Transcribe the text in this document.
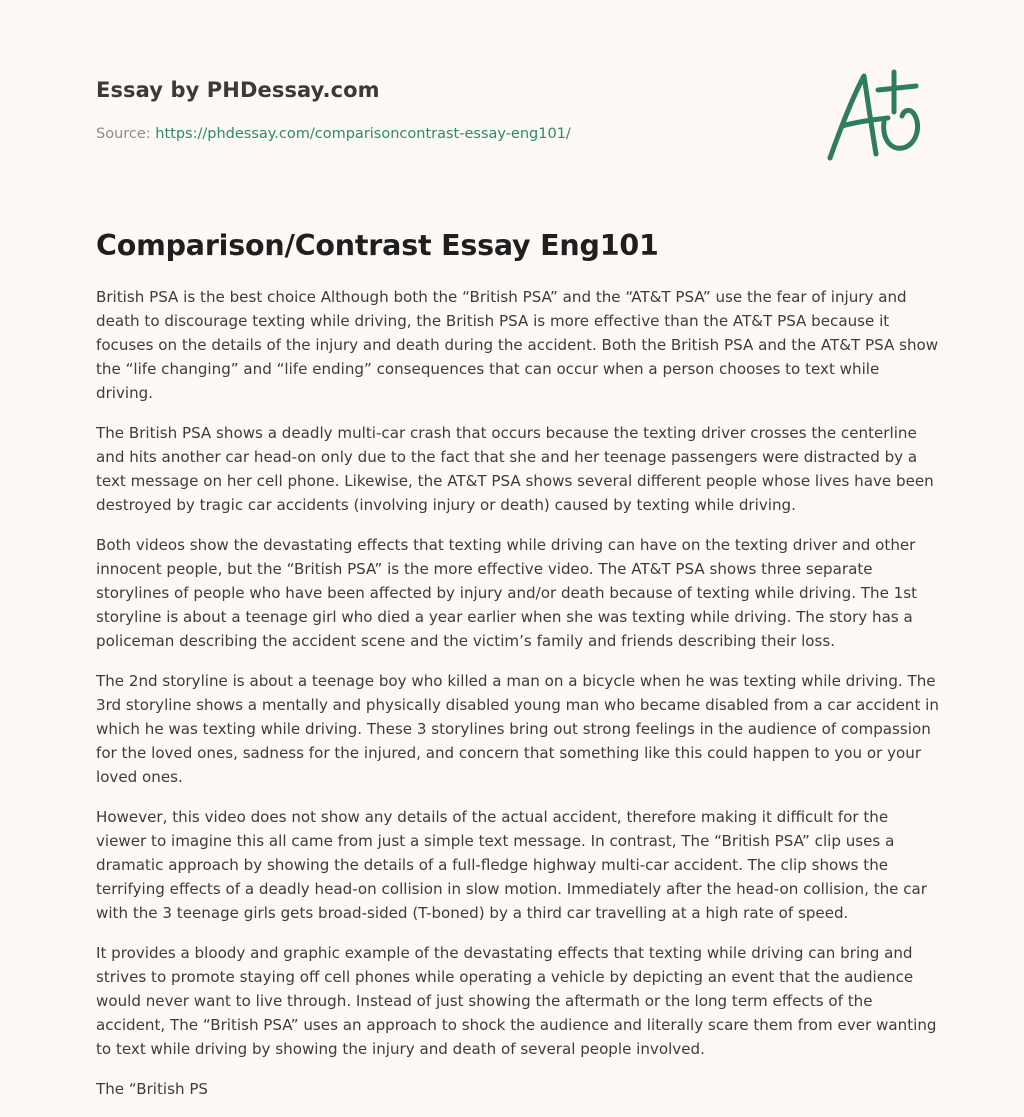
Essay by PHDessay.com
Source: https://phdessay.com/comparisoncontrast-essay-eng101/
Comparison/Contrast Essay Eng101

British PSA is the best choice Although both the “British PSA” and the “AT&T PSA” use the fear of injury and death to discourage texting while driving, the British PSA is more effective than the AT&T PSA because it focuses on the details of the injury and death during the accident. Both the British PSA and the AT&T PSA show the “life changing” and “life ending” consequences that can occur when a person chooses to text while driving.

The British PSA shows a deadly multi-car crash that occurs because the texting driver crosses the centerline and hits another car head-on only due to the fact that she and her teenage passengers were distracted by a text message on her cell phone. Likewise, the AT&T PSA shows several different people whose lives have been destroyed by tragic car accidents (involving injury or death) caused by texting while driving.

Both videos show the devastating effects that texting while driving can have on the texting driver and other innocent people, but the “British PSA” is the more effective video. The AT&T PSA shows three separate storylines of people who have been affected by injury and/or death because of texting while driving. The 1st storyline is about a teenage girl who died a year earlier when she was texting while driving. The story has a policeman describing the accident scene and the victim’s family and friends describing their loss.

The 2nd storyline is about a teenage boy who killed a man on a bicycle when he was texting while driving. The 3rd storyline shows a mentally and physically disabled young man who became disabled from a car accident in which he was texting while driving. These 3 storylines bring out strong feelings in the audience of compassion for the loved ones, sadness for the injured, and concern that something like this could happen to you or your loved ones.

However, this video does not show any details of the actual accident, therefore making it difficult for the viewer to imagine this all came from just a simple text message. In contrast, The “British PSA” clip uses a dramatic approach by showing the details of a full-fledge highway multi-car accident. The clip shows the terrifying effects of a deadly head-on collision in slow motion. Immediately after the head-on collision, the car with the 3 teenage girls gets broad-sided (T-boned) by a third car travelling at a high rate of speed.

It provides a bloody and graphic example of the devastating effects that texting while driving can bring and strives to promote staying off cell phones while operating a vehicle by depicting an event that the audience would never want to live through. Instead of just showing the aftermath or the long term effects of the accident, The “British PSA” uses an approach to shock the audience and literally scare them from ever wanting to text while driving by showing the injury and death of several people involved.

The “British PS
